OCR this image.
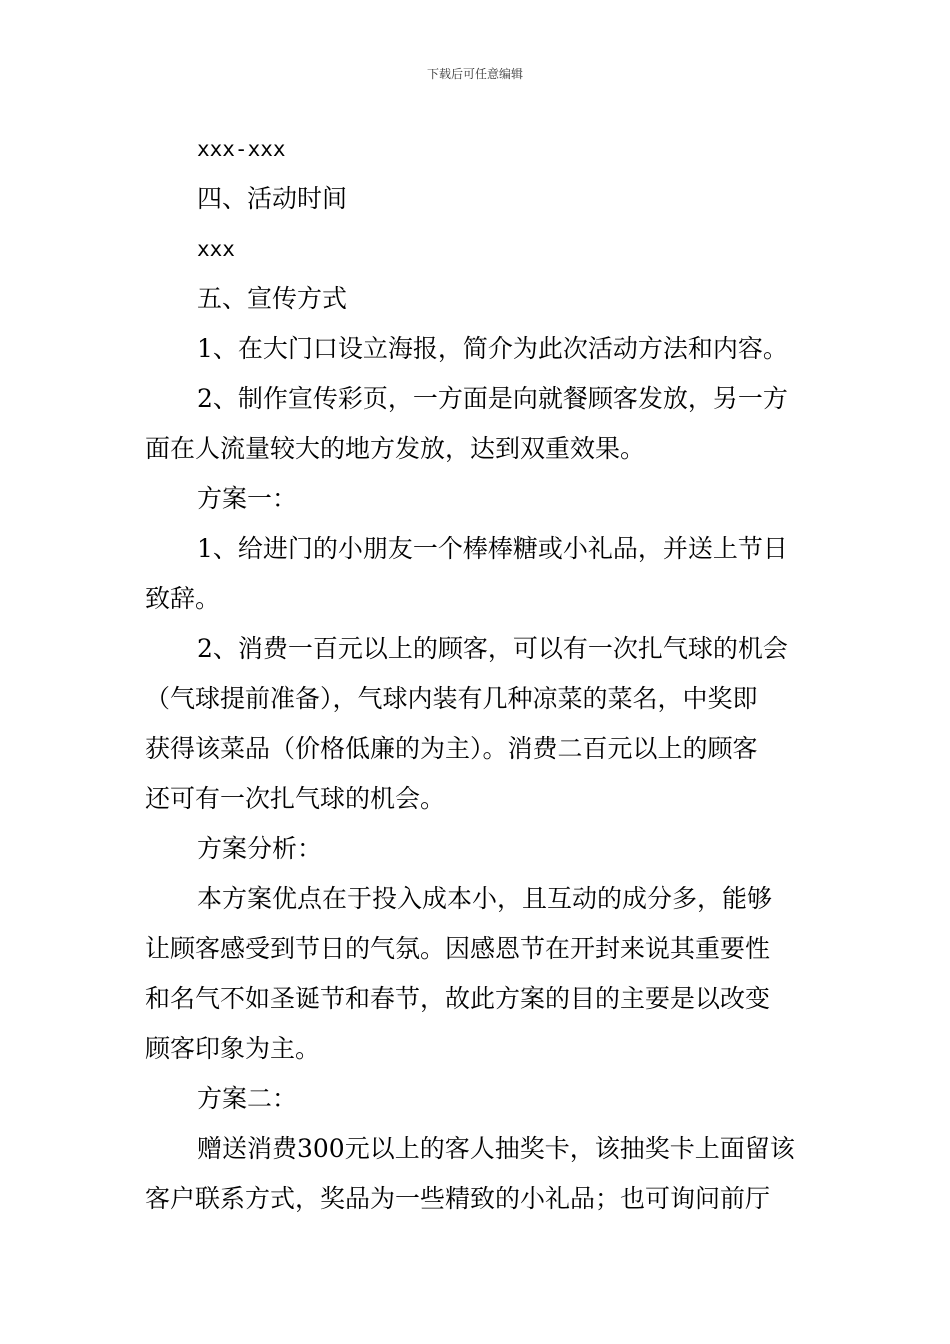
下载后可任意编辑
xxx-xxx
四、活动时间
xxx
五、宣传方式
1、在大门口设立海报，简介为此次活动方法和内容。
2、制作宣传彩页，一方面是向就餐顾客发放，另一方
面在人流量较大的地方发放，达到双重效果。
方案一：
1、给进门的小朋友一个棒棒糖或小礼品，并送上节日
致辞。
2、消费一百元以上的顾客，可以有一次扎气球的机会
（气球提前准备），气球内装有几种凉菜的菜名，中奖即
获得该菜品（价格低廉的为主）。消费二百元以上的顾客
还可有一次扎气球的机会。
方案分析：
本方案优点在于投入成本小，且互动的成分多，能够
让顾客感受到节日的气氛。因感恩节在开封来说其重要性
和名气不如圣诞节和春节，故此方案的目的主要是以改变
顾客印象为主。
方案二：
赠送消费300元以上的客人抽奖卡，该抽奖卡上面留该
客户联系方式，奖品为一些精致的小礼品；也可询问前厅
